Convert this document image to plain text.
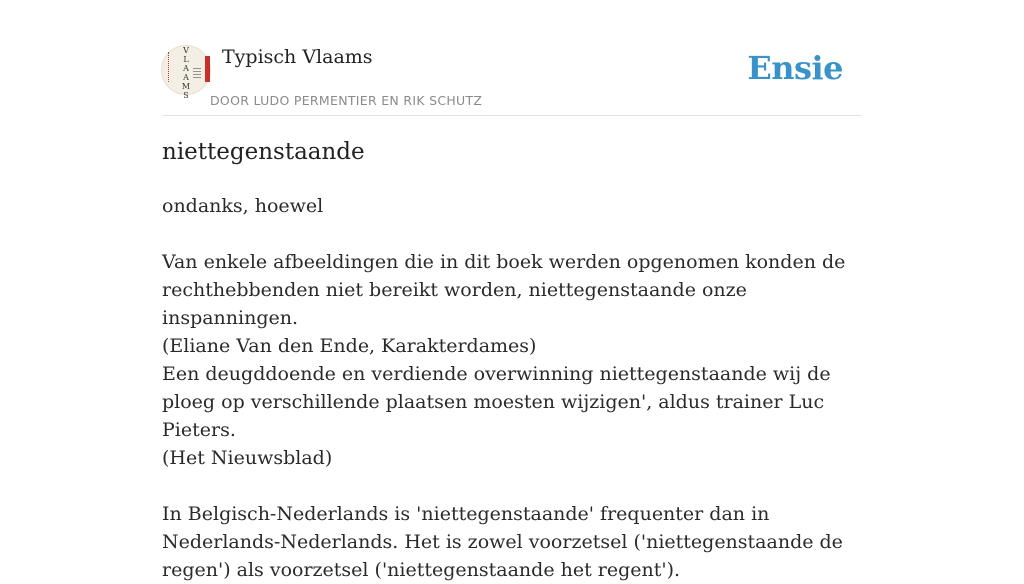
V
L
A
A
M
S
Typisch Vlaams
DOOR LUDO PERMENTIER EN RIK SCHUTZ
Ensie
niettegenstaande

ondanks, hoewel

Van enkele afbeeldingen die in dit boek werden opgenomen konden de rechthebbenden niet bereikt worden, niettegenstaande onze inspanningen.

(Eliane Van den Ende, Karakterdames)

Een deugddoende en verdiende overwinning niettegenstaande wij de ploeg op verschillende plaatsen moesten wijzigen', aldus trainer Luc Pieters.

(Het Nieuwsblad)

In Belgisch-Nederlands is 'niettegenstaande' frequenter dan in Nederlands-Nederlands. Het is zowel voorzetsel ('niettegenstaande de regen') als voorzetsel ('niettegenstaande het regent').
